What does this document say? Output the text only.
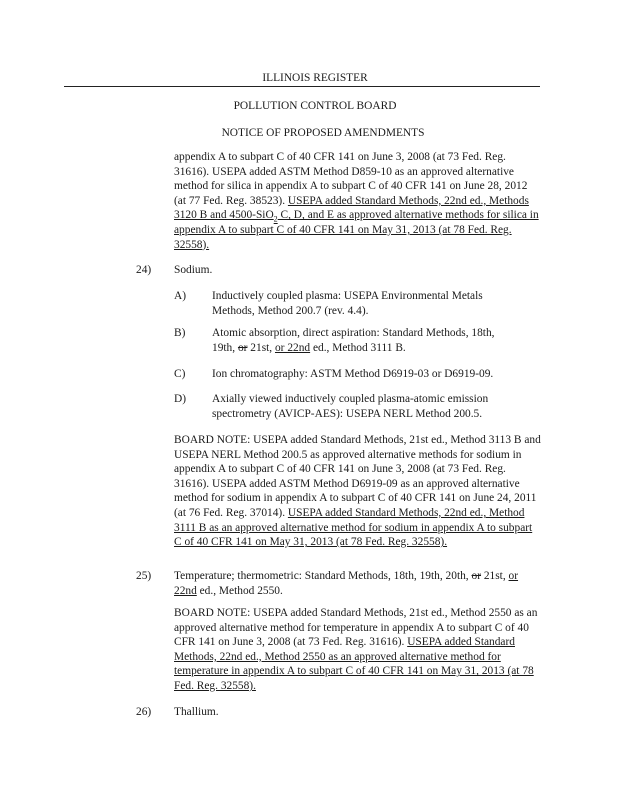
ILLINOIS REGISTER
POLLUTION CONTROL BOARD
NOTICE OF PROPOSED AMENDMENTS
appendix A to subpart C of 40 CFR 141 on June 3, 2008 (at 73 Fed. Reg. 31616). USEPA added ASTM Method D859-10 as an approved alternative method for silica in appendix A to subpart C of 40 CFR 141 on June 28, 2012 (at 77 Fed. Reg. 38523). USEPA added Standard Methods, 22nd ed., Methods 3120 B and 4500-SiO$_2$ C, D, and E as approved alternative methods for silica in appendix A to subpart C of 40 CFR 141 on May 31, 2013 (at 78 Fed. Reg. 32558).
24) Sodium.
A) Inductively coupled plasma: USEPA Environmental Metals Methods, Method 200.7 (rev. 4.4).
B) Atomic absorption, direct aspiration: Standard Methods, 18th, 19th, or 21st, or 22nd ed., Method 3111 B.
C) Ion chromatography: ASTM Method D6919-03 or D6919-09.
D) Axially viewed inductively coupled plasma-atomic emission spectrometry (AVICP-AES): USEPA NERL Method 200.5.
BOARD NOTE: USEPA added Standard Methods, 21st ed., Method 3113 B and USEPA NERL Method 200.5 as approved alternative methods for sodium in appendix A to subpart C of 40 CFR 141 on June 3, 2008 (at 73 Fed. Reg. 31616). USEPA added ASTM Method D6919-09 as an approved alternative method for sodium in appendix A to subpart C of 40 CFR 141 on June 24, 2011 (at 76 Fed. Reg. 37014). USEPA added Standard Methods, 22nd ed., Method 3111 B as an approved alternative method for sodium in appendix A to subpart C of 40 CFR 141 on May 31, 2013 (at 78 Fed. Reg. 32558).
25) Temperature; thermometric: Standard Methods, 18th, 19th, 20th, or 21st, or 22nd ed., Method 2550.
BOARD NOTE: USEPA added Standard Methods, 21st ed., Method 2550 as an approved alternative method for temperature in appendix A to subpart C of 40 CFR 141 on June 3, 2008 (at 73 Fed. Reg. 31616). USEPA added Standard Methods, 22nd ed., Method 2550 as an approved alternative method for temperature in appendix A to subpart C of 40 CFR 141 on May 31, 2013 (at 78 Fed. Reg. 32558).
26) Thallium.
